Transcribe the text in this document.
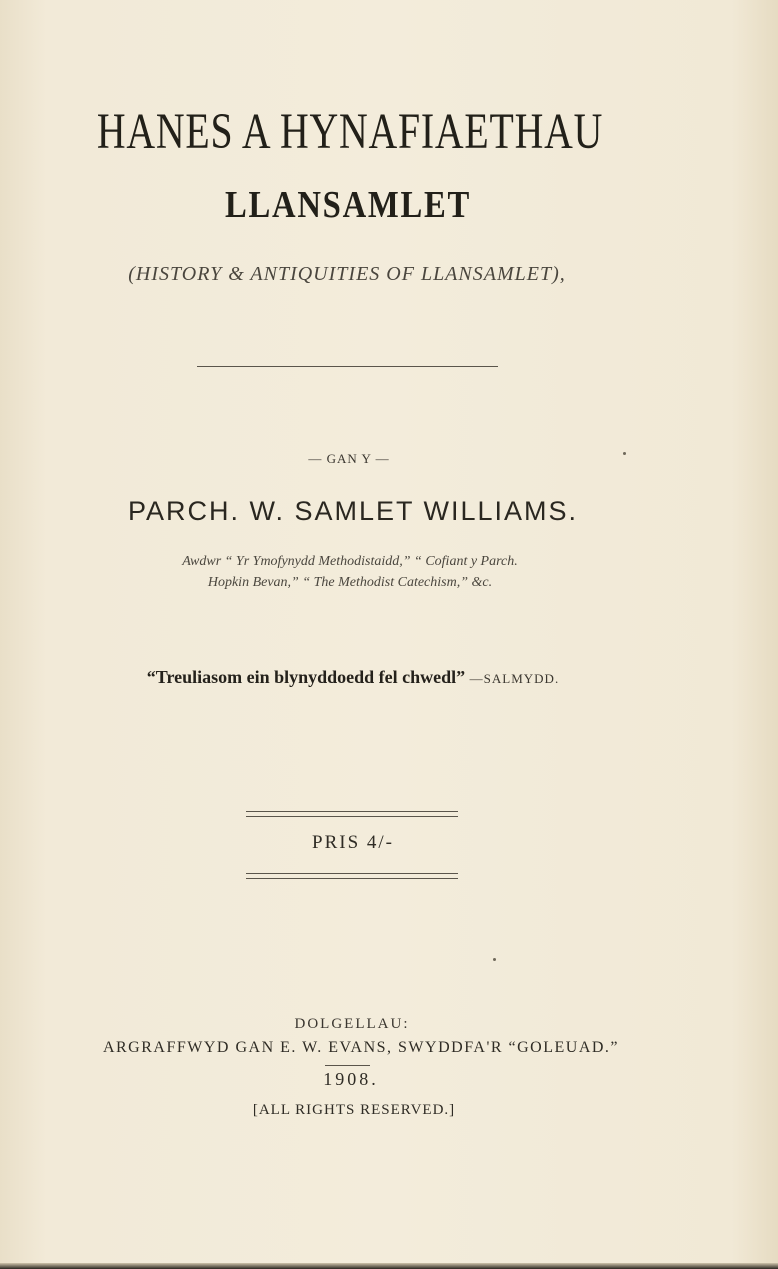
HANES A HYNAFIAETHAU
LLANSAMLET
(HISTORY & ANTIQUITIES OF LLANSAMLET),
— GAN Y —
PARCH. W. SAMLET WILLIAMS.
Awdwr “ Yr Ymofynydd Methodistaidd,” “ Cofiant y Parch.
Hopkin Bevan,” “ The Methodist Catechism,” &c.
“Treuliasom ein blynyddoedd fel chwedl” —SALMYDD.
PRIS 4/-
DOLGELLAU:
ARGRAFFWYD GAN E. W. EVANS, SWYDDFA'R “GOLEUAD.”
1908.
[ALL RIGHTS RESERVED.]
